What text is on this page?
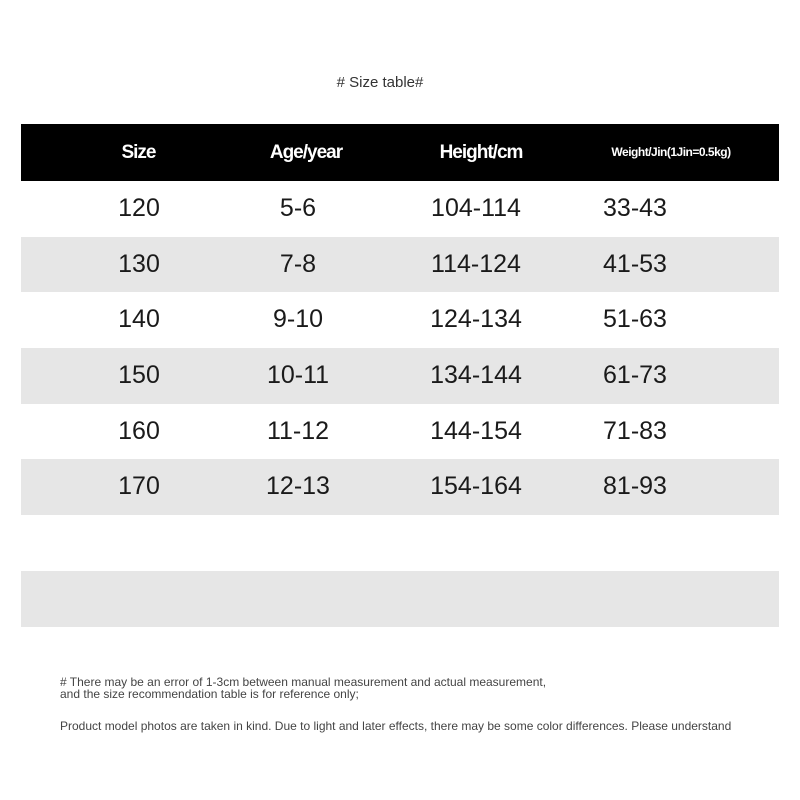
# Size table#
Size	Age/year	Height/cm	Weight/Jin(1Jin=0.5kg)
120	5-6	104-114	33-43
130	7-8	114-124	41-53
140	9-10	124-134	51-63
150	10-11	134-144	61-73
160	11-12	144-154	71-83
170	12-13	154-164	81-93
# There may be an error of 1-3cm between manual measurement and actual measurement,
and the size recommendation table is for reference only;
Product model photos are taken in kind. Due to light and later effects, there may be some color differences. Please understand
